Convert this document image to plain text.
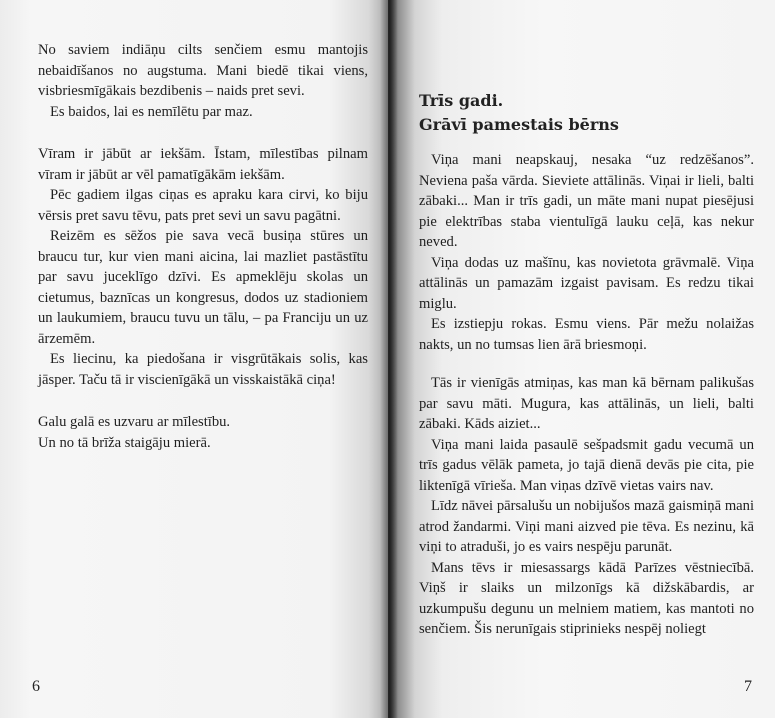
No saviem indiāņu cilts senčiem esmu mantojis nebaidīšanos no augstuma. Mani biedē tikai viens, visbriesmīgākais bezdibenis – naids pret sevi.

Es baidos, lai es nemīlētu par maz.

Vīram ir jābūt ar iekšām. Īstam, mīlestības pilnam vīram ir jābūt ar vēl pamatīgākām iekšām.

Pēc gadiem ilgas ciņas es apraku kara cirvi, ko biju vērsis pret savu tēvu, pats pret sevi un savu pagātni.

Reizēm es sēžos pie sava vecā busiņa stūres un braucu tur, kur vien mani aicina, lai mazliet pastāstītu par savu juceklīgo dzīvi. Es apmeklēju skolas un cietumus, baznīcas un kongresus, dodos uz stadioniem un laukumiem, braucu tuvu un tālu, – pa Franciju un uz ārzemēm.

Es liecinu, ka piedošana ir visgrūtākais solis, kas jāsper. Taču tā ir viscienīgākā un visskaistākā ciņa!

Galu galā es uzvaru ar mīlestību.

Un no tā brīža staigāju mierā.

6
Trīs gadi.
Grāvī pamestais bērns

Viņa mani neapskauj, nesaka “uz redzēšanos”. Neviena paša vārda. Sieviete attālinās. Viņai ir lieli, balti zābaki... Man ir trīs gadi, un māte mani nupat piesējusi pie elektrības staba vientulīgā lauku ceļā, kas nekur neved.

Viņa dodas uz mašīnu, kas novietota grāvmalē. Viņa attālinās un pamazām izgaist pavisam. Es redzu tikai miglu.

Es izstiepju rokas. Esmu viens. Pār mežu nolaižas nakts, un no tumsas lien ārā briesmoņi.

Tās ir vienīgās atmiņas, kas man kā bērnam palikušas par savu māti. Mugura, kas attālinās, un lieli, balti zābaki. Kāds aiziet...

Viņa mani laida pasaulē sešpadsmit gadu vecumā un trīs gadus vēlāk pameta, jo tajā dienā devās pie cita, pie liktenīgā vīrieša. Man viņas dzīvē vietas vairs nav.

Līdz nāvei pārsalušu un nobijušos mazā gaismiņā mani atrod žandarmi. Viņi mani aizved pie tēva. Es nezinu, kā viņi to atraduši, jo es vairs nespēju parunāt.

Mans tēvs ir miesassargs kādā Parīzes vēstniecībā. Viņš ir slaiks un milzonīgs kā dižskābardis, ar uzkumpušu degunu un melniem matiem, kas mantoti no senčiem. Šis nerunīgais stiprinieks nespēj noliegt

7
